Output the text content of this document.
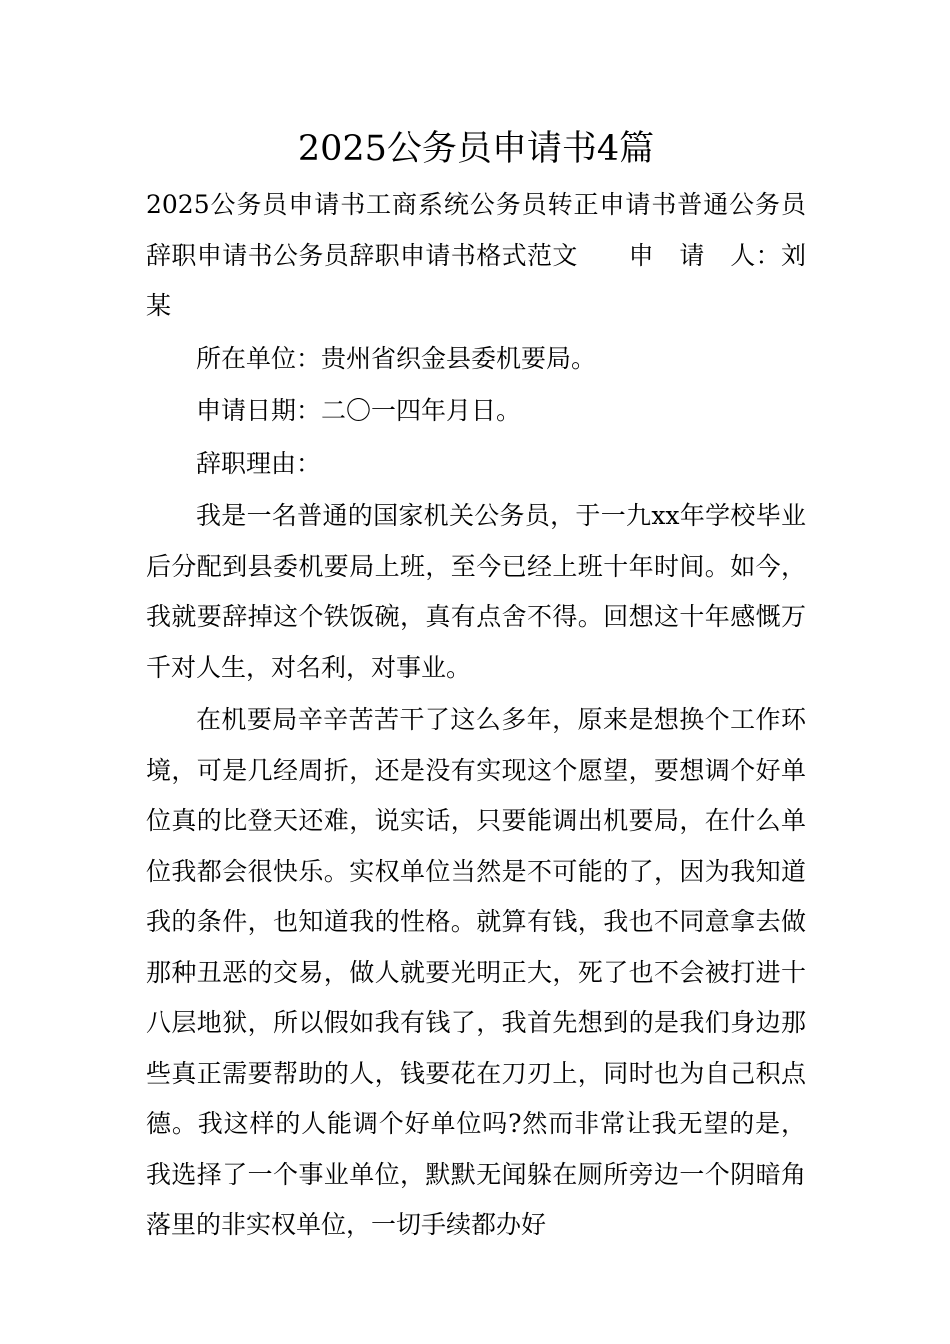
2025公务员申请书4篇

2025公务员申请书工商系统公务员转正申请书普通公务员辞职申请书公务员辞职申请书格式范文　　申　请　人：刘某

所在单位：贵州省织金县委机要局。

申请日期：二〇一四年月日。

辞职理由：

我是一名普通的国家机关公务员，于一九xx年学校毕业后分配到县委机要局上班，至今已经上班十年时间。如今，我就要辞掉这个铁饭碗，真有点舍不得。回想这十年感慨万千对人生，对名利，对事业。

在机要局辛辛苦苦干了这么多年，原来是想换个工作环境，可是几经周折，还是没有实现这个愿望，要想调个好单位真的比登天还难，说实话，只要能调出机要局，在什么单位我都会很快乐。实权单位当然是不可能的了，因为我知道我的条件，也知道我的性格。就算有钱，我也不同意拿去做那种丑恶的交易，做人就要光明正大，死了也不会被打进十八层地狱，所以假如我有钱了，我首先想到的是我们身边那些真正需要帮助的人，钱要花在刀刃上，同时也为自己积点德。我这样的人能调个好单位吗?然而非常让我无望的是，我选择了一个事业单位，默默无闻躲在厕所旁边一个阴暗角落里的非实权单位，一切手续都办好
